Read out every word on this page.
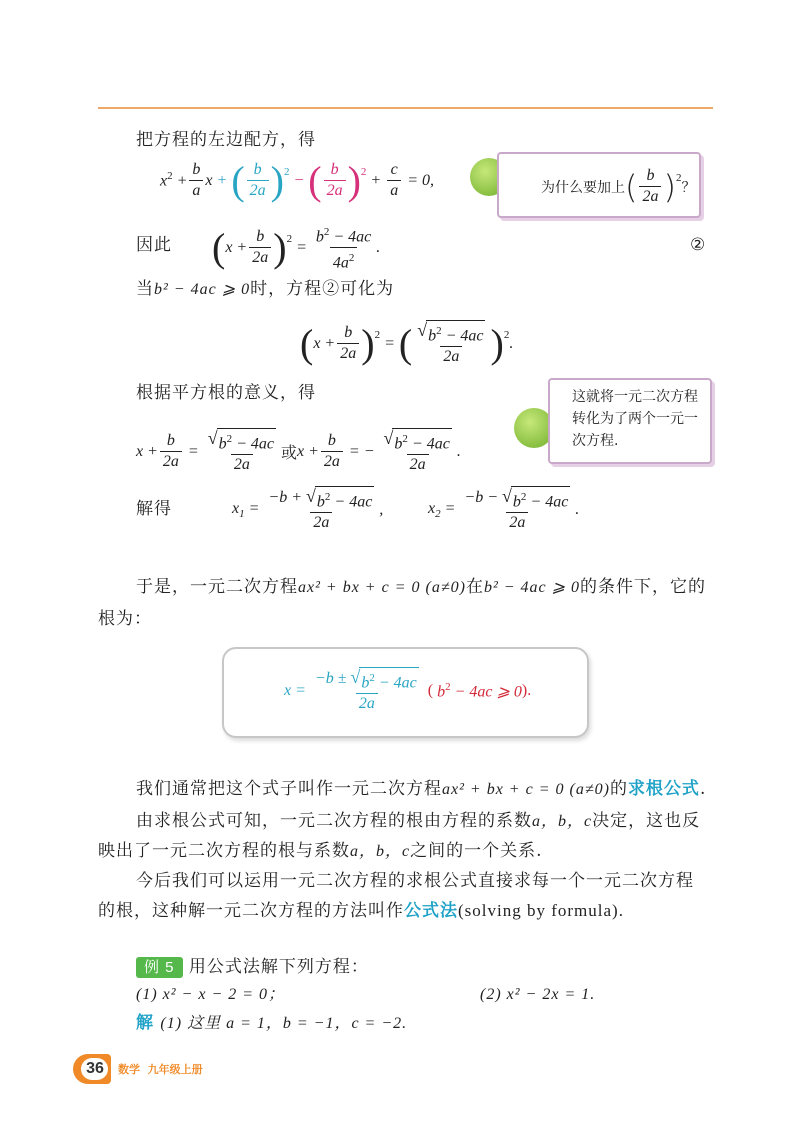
把方程的左边配方，得
$x^2 + \frac{b}{a}$ x + ( $\frac{b}{2a}$ ) 2 − ( $\frac{b}{2a}$ ) $2 + \frac{c}{a} = 0$,	为什么要加上 ( $\frac{b}{2a}$ ) 2
？
因此 ( $x + \frac{b}{2a}$ ) $2 = \frac{b^2 - 4ac}{4a^2}$ .	②
当b² − 4ac ⩾ 0时，方程②可化为
( $x + \frac{b}{2a}$ ) 2 = ( $\frac{√ b^2 - 4ac}{2a}$ ) 2 .
根据平方根的意义，得	这就将一元二次方程转化为了两个一元一次方程.
$x + \frac{b}{2a} = \frac{√ b^2 - 4ac}{2a}$ 或 $x + \frac{b}{2a}$ = − $\frac{√ b^2 - 4ac}{2a}$ .
解得	$x_1 = \frac{-b + √ b^2 - 4ac}{2a}$ ,	$x_2 = \frac{-b - √ b^2 - 4ac}{2a}$ .
于是，一元二次方程ax² + bx + c = 0 (a≠0)在b² − 4ac ⩾ 0的条件下，它的
根为：
$x = \frac{-b \pm √ b^2 - 4ac}{2a}$ ( $b^2 - 4ac$ ⩾ 0 ).
我们通常把这个式子叫作一元二次方程ax² + bx + c = 0 (a≠0)的求根公式.
由求根公式可知，一元二次方程的根由方程的系数a，b，c决定，这也反
映出了一元二次方程的根与系数a，b，c之间的一个关系.
今后我们可以运用一元二次方程的求根公式直接求每一个一元二次方程
的根，这种解一元二次方程的方法叫作公式法(solving by formula).
例 5 用公式法解下列方程：
(1) x² − x − 2 = 0；	(2) x² − 2x = 1.
解 (1) 这里 a = 1，b = −1，c = −2.
36 数学 九年级上册
